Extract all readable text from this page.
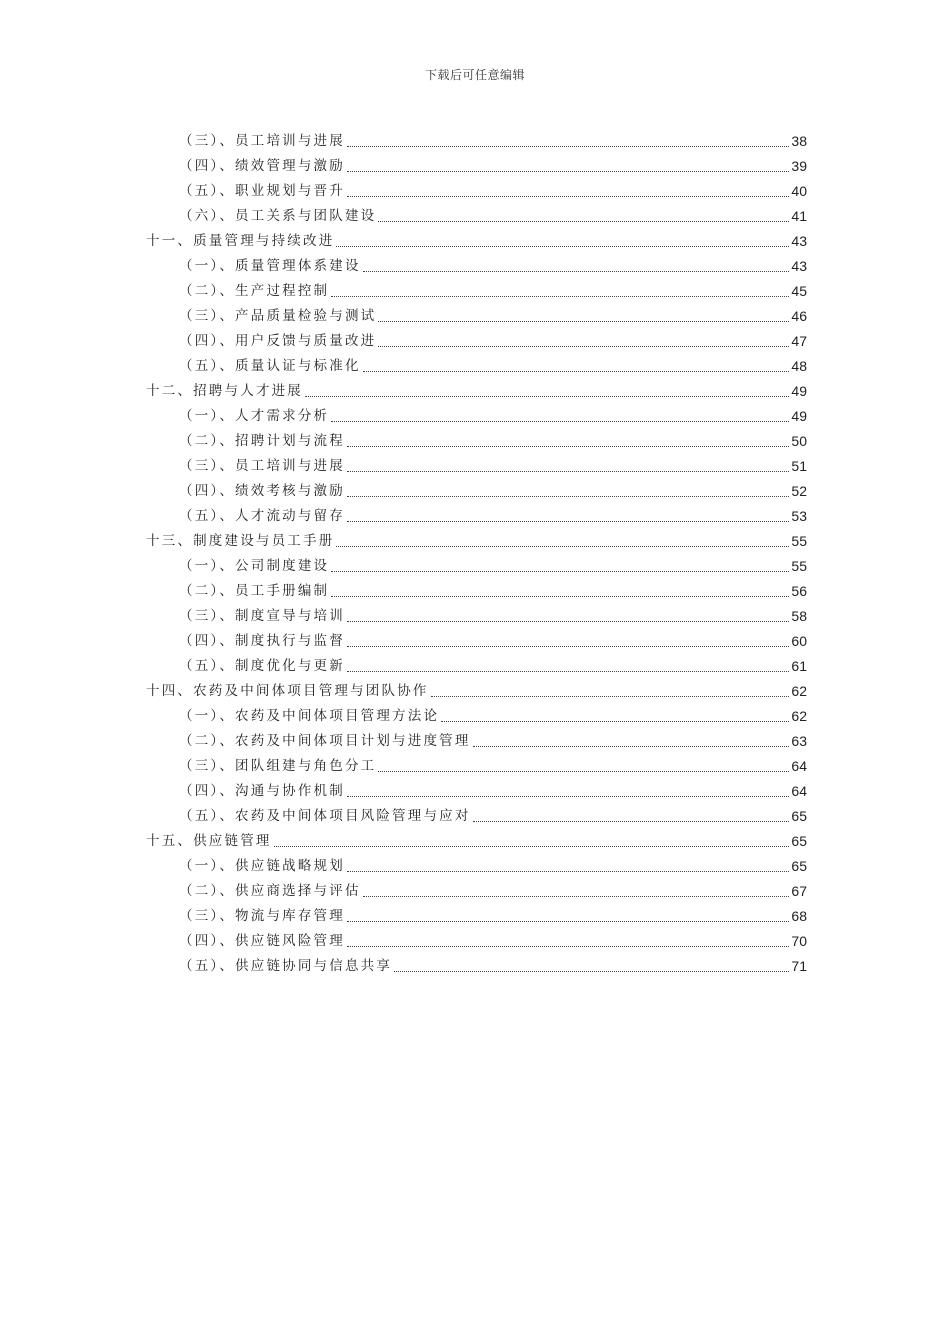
下载后可任意编辑
（三）、员工培训与进展	38
（四）、绩效管理与激励	39
（五）、职业规划与晋升	40
（六）、员工关系与团队建设	41
十一、质量管理与持续改进	43
（一）、质量管理体系建设	43
（二）、生产过程控制	45
（三）、产品质量检验与测试	46
（四）、用户反馈与质量改进	47
（五）、质量认证与标准化	48
十二、招聘与人才进展	49
（一）、人才需求分析	49
（二）、招聘计划与流程	50
（三）、员工培训与进展	51
（四）、绩效考核与激励	52
（五）、人才流动与留存	53
十三、制度建设与员工手册	55
（一）、公司制度建设	55
（二）、员工手册编制	56
（三）、制度宣导与培训	58
（四）、制度执行与监督	60
（五）、制度优化与更新	61
十四、农药及中间体项目管理与团队协作	62
（一）、农药及中间体项目管理方法论	62
（二）、农药及中间体项目计划与进度管理	63
（三）、团队组建与角色分工	64
（四）、沟通与协作机制	64
（五）、农药及中间体项目风险管理与应对	65
十五、供应链管理	65
（一）、供应链战略规划	65
（二）、供应商选择与评估	67
（三）、物流与库存管理	68
（四）、供应链风险管理	70
（五）、供应链协同与信息共享	71
